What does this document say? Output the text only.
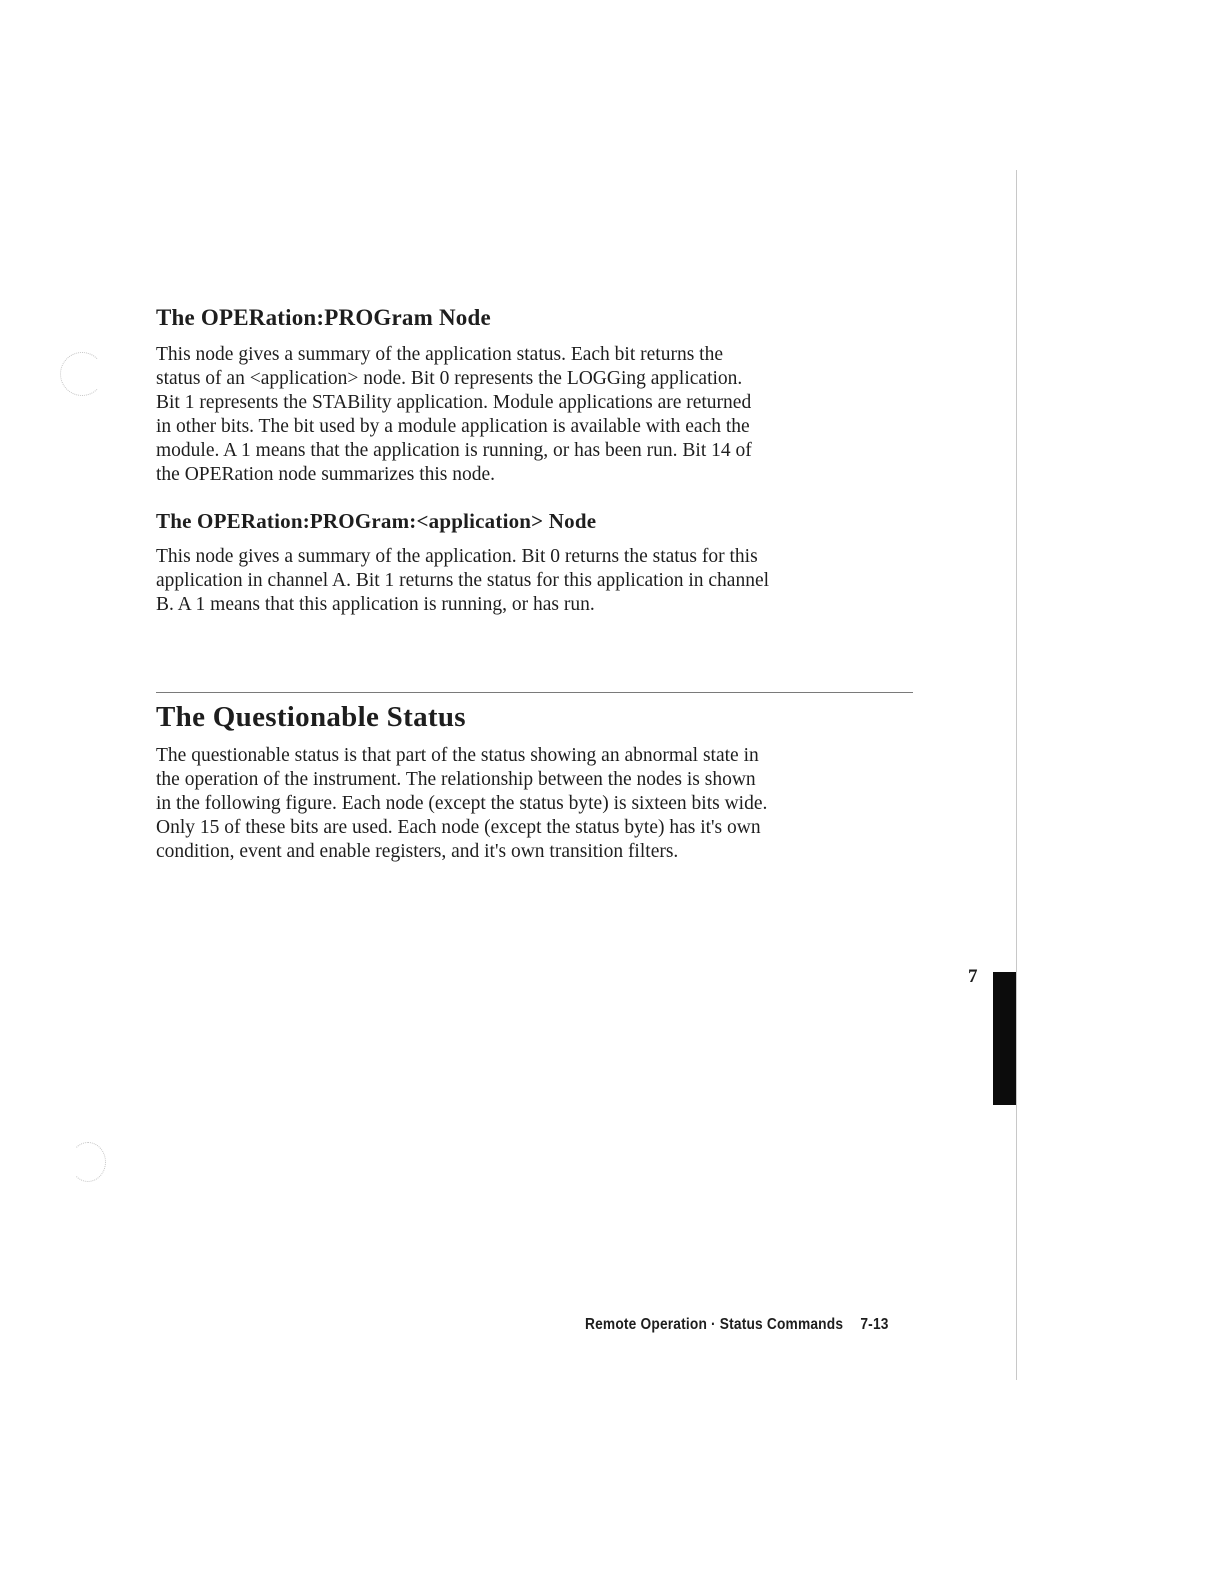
The OPERation:PROGram Node

This node gives a summary of the application status. Each bit returns the
status of an <application> node. Bit 0 represents the LOGGing application.
Bit 1 represents the STABility application. Module applications are returned
in other bits. The bit used by a module application is available with each the
module. A 1 means that the application is running, or has been run. Bit 14 of
the OPERation node summarizes this node.

The OPERation:PROGram:<application> Node

This node gives a summary of the application. Bit 0 returns the status for this
application in channel A. Bit 1 returns the status for this application in channel
B. A 1 means that this application is running, or has run.

The Questionable Status

The questionable status is that part of the status showing an abnormal state in
the operation of the instrument. The relationship between the nodes is shown
in the following figure. Each node (except the status byte) is sixteen bits wide.
Only 15 of these bits are used. Each node (except the status byte) has it's own
condition, event and enable registers, and it's own transition filters.

7

Remote Operation · Status Commands 7-13
